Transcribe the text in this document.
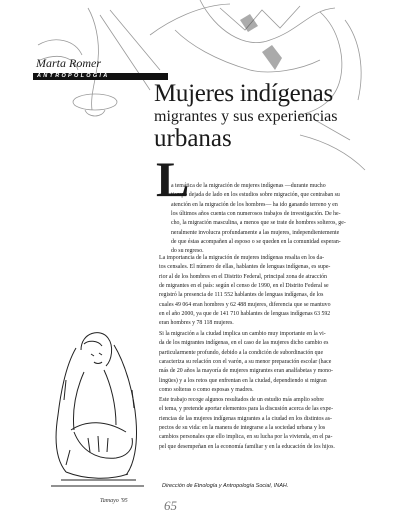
Marta Romer
ANTROPOLOGÍA
Mujeres indígenas
migrantes y sus experiencias
urbanas
L
a temática de la migración de mujeres indígenas —durante mucho
tiempo dejada de lado en los estudios sobre migración, que centraban su
atención en la migración de los hombres— ha ido ganando terreno y en
los últimos años cuenta con numerosos trabajos de investigación. De he-
cho, la migración masculina, a menos que se trate de hombres solteros, ge-
neralmente involucra profundamente a las mujeres, independientemente
de que éstas acompañen al esposo o se queden en la comunidad esperan-
do su regreso.
La importancia de la migración de mujeres indígenas resalta en los da-
tos censales. El número de ellas, hablantes de lenguas indígenas, es supe-
rior al de los hombres en el Distrito Federal, principal zona de atracción
de migrantes en el país: según el censo de 1990, en el Distrito Federal se
registró la presencia de 111 552 hablantes de lenguas indígenas, de los
cuales 49 064 eran hombres y 62 488 mujeres, diferencia que se mantuvo
en el año 2000, ya que de 141 710 hablantes de lenguas indígenas 63 592
eran hombres y 78 118 mujeres.
Si la migración a la ciudad implica un cambio muy importante en la vi-
da de los migrantes indígenas, en el caso de las mujeres dicho cambio es
particularmente profundo, debido a la condición de subordinación que
caracteriza su relación con el varón, a su menor preparación escolar (hace
más de 20 años la mayoría de mujeres migrantes eran analfabetas y mono-
lingües) y a los retos que enfrentan en la ciudad, dependiendo si migran
como solteras o como esposas y madres.
Este trabajo recoge algunos resultados de un estudio más amplio sobre
el tema, y pretende aportar elementos para la discusión acerca de las expe-
riencias de las mujeres indígenas migrantes a la ciudad en los distintos as-
pectos de su vida: en la manera de integrarse a la sociedad urbana y los
cambios personales que ello implica, en su lucha por la vivienda, en el pa-
pel que desempeñan en la economía familiar y en la educación de los hijos.
Dirección de Etnología y Antropología Social, INAH.
Tamayo '95	65
